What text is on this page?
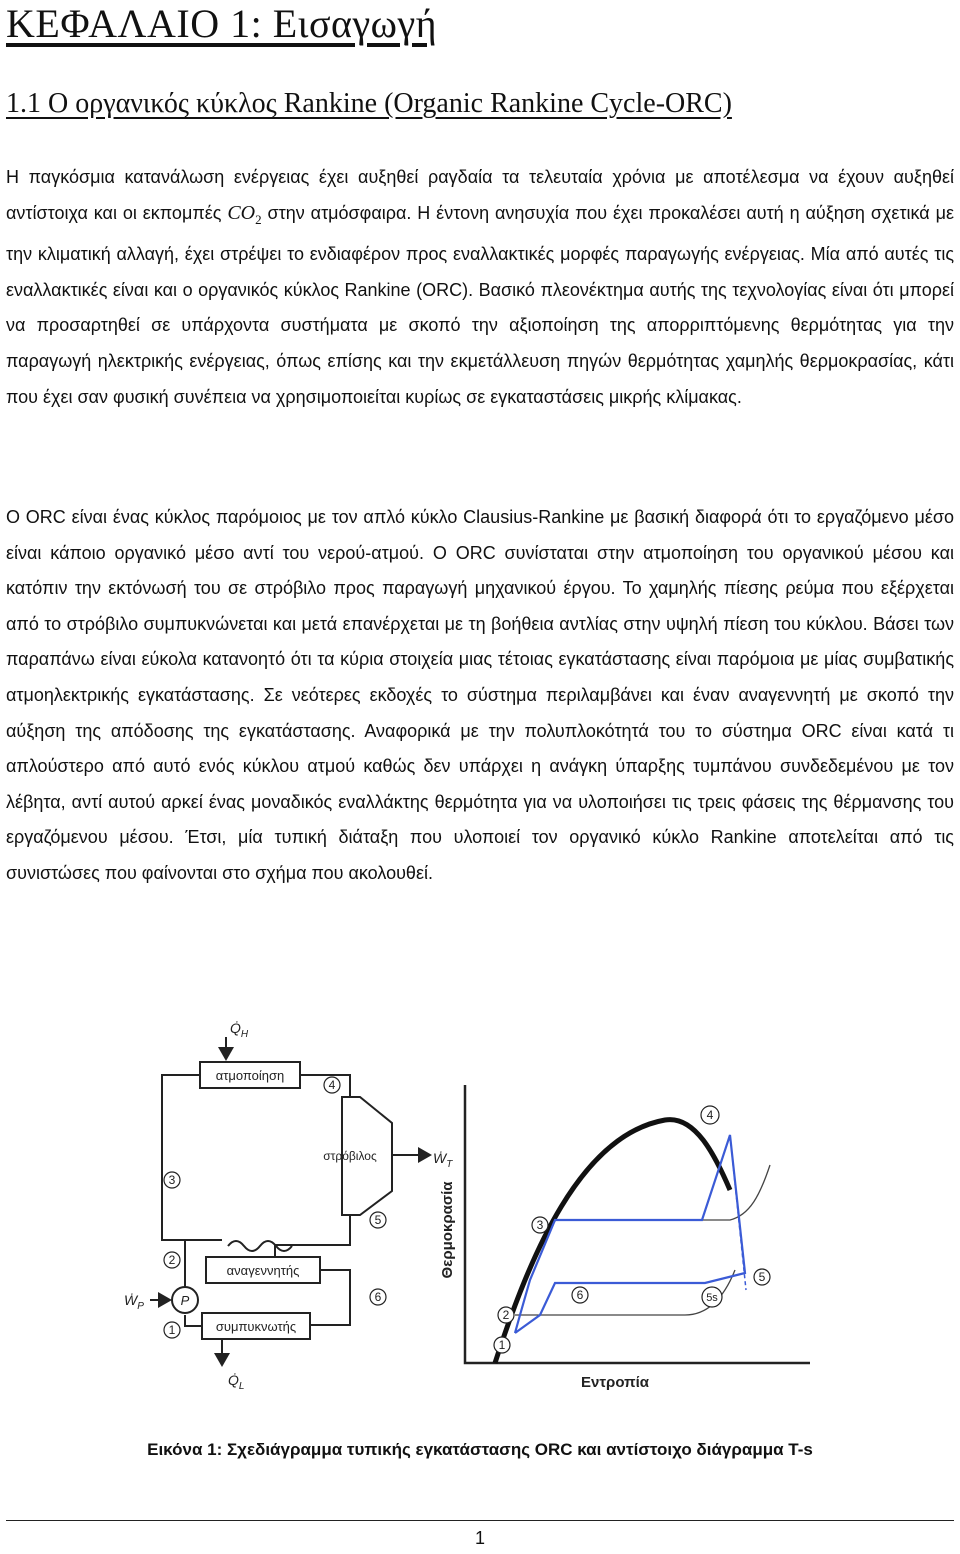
ΚΕΦΑΛΑΙΟ 1: Εισαγωγή
1.1 Ο οργανικός κύκλος Rankine (Organic Rankine Cycle-ORC)

Η παγκόσμια κατανάλωση ενέργειας έχει αυξηθεί ραγδαία τα τελευταία χρόνια με αποτέλεσμα να έχουν αυξηθεί αντίστοιχα και οι εκπομπές $CO_2$ στην ατμόσφαιρα. Η έντονη ανησυχία που έχει προκαλέσει αυτή η αύξηση σχετικά με την κλιματική αλλαγή, έχει στρέψει το ενδιαφέρον προς εναλλακτικές μορφές παραγωγής ενέργειας. Μία από αυτές τις εναλλακτικές είναι και ο οργανικός κύκλος Rankine (ORC). Βασικό πλεονέκτημα αυτής της τεχνολογίας είναι ότι μπορεί να προσαρτηθεί σε υπάρχοντα συστήματα με σκοπό την αξιοποίηση της απορριπτόμενης θερμότητας για την παραγωγή ηλεκτρικής ενέργειας, όπως επίσης και την εκμετάλλευση πηγών θερμότητας χαμηλής θερμοκρασίας, κάτι που έχει σαν φυσική συνέπεια να χρησιμοποιείται κυρίως σε εγκαταστάσεις μικρής κλίμακας.

Ο ORC είναι ένας κύκλος παρόμοιος με τον απλό κύκλο Clausius-Rankine με βασική διαφορά ότι το εργαζόμενο μέσο είναι κάποιο οργανικό μέσο αντί του νερού-ατμού. Ο ORC συνίσταται στην ατμοποίηση του οργανικού μέσου και κατόπιν την εκτόνωσή του σε στρόβιλο προς παραγωγή μηχανικού έργου. Το χαμηλής πίεσης ρεύμα που εξέρχεται από το στρόβιλο συμπυκνώνεται και μετά επανέρχεται με τη βοήθεια αντλίας στην υψηλή πίεση του κύκλου. Βάσει των παραπάνω είναι εύκολα κατανοητό ότι τα κύρια στοιχεία μιας τέτοιας εγκατάστασης είναι παρόμοια με μίας συμβατικής ατμοηλεκτρικής εγκατάστασης. Σε νεότερες εκδοχές το σύστημα περιλαμβάνει και έναν αναγεννητή με σκοπό την αύξηση της απόδοσης της εγκατάστασης. Αναφορικά με την πολυπλοκότητά του το σύστημα ORC είναι κατά τι απλούστερο από αυτό ενός κύκλου ατμού καθώς δεν υπάρχει η ανάγκη ύπαρξης τυμπάνου συνδεδεμένου με τον λέβητα, αντί αυτού αρκεί ένας μοναδικός εναλλάκτης θερμότητα για να υλοποιήσει τις τρεις φάσεις της θέρμανσης του εργαζόμενου μέσου. Έτσι, μία τυπική διάταξη που υλοποιεί τον οργανικό κύκλο Rankine αποτελείται από τις συνιστώσες που φαίνονται στο σχήμα που ακολουθεί.

$Q̇_H$
ατμοποίηση
στρόβιλος	Ẇ$_T$
αναγεννητής
συμπυκνωτής
P
Ẇ$_P$
$Q̇_L$
1
2
3
4
5
6
Θερμοκρασία
Εντροπία
1
2
3
4
5
5s
6

Εικόνα 1: Σχεδιάγραμμα τυπικής εγκατάστασης ORC και αντίστοιχο διάγραμμα T-s

1
